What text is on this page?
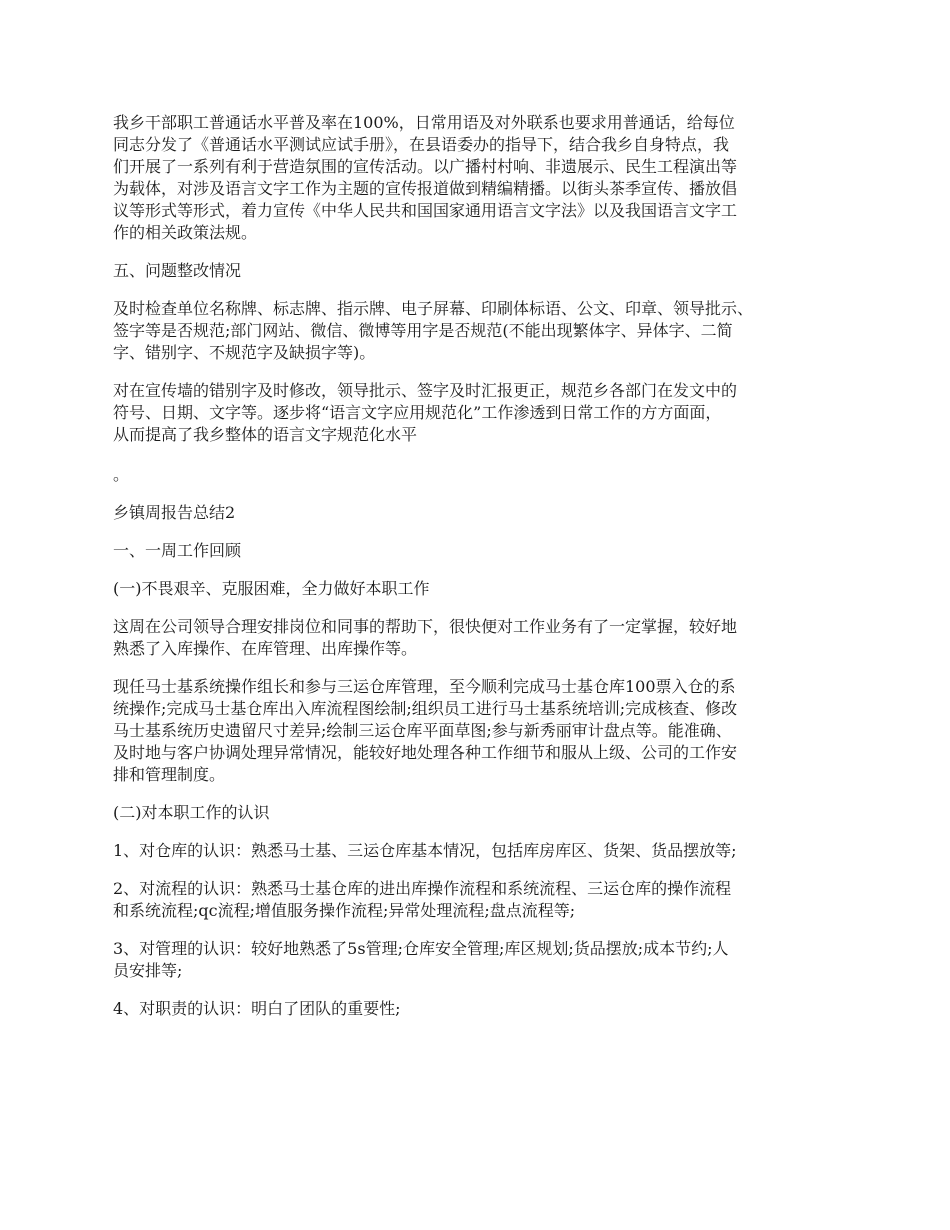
我乡干部职工普通话水平普及率在100%，日常用语及对外联系也要求用普通话，给每位
同志分发了《普通话水平测试应试手册》，在县语委办的指导下，结合我乡自身特点，我
们开展了一系列有利于营造氛围的宣传活动。以广播村村响、非遗展示、民生工程演出等
为载体，对涉及语言文字工作为主题的宣传报道做到精编精播。以街头茶季宣传、播放倡
议等形式等形式，着力宣传《中华人民共和国国家通用语言文字法》以及我国语言文字工
作的相关政策法规。

五、问题整改情况

及时检查单位名称牌、标志牌、指示牌、电子屏幕、印刷体标语、公文、印章、领导批示、
签字等是否规范;部门网站、微信、微博等用字是否规范(不能出现繁体字、异体字、二简
字、错别字、不规范字及缺损字等)。

对在宣传墙的错别字及时修改，领导批示、签字及时汇报更正，规范乡各部门在发文中的
符号、日期、文字等。逐步将“语言文字应用规范化”工作渗透到日常工作的方方面面，
从而提高了我乡整体的语言文字规范化水平

。

乡镇周报告总结2

一、一周工作回顾

(一)不畏艰辛、克服困难，全力做好本职工作

这周在公司领导合理安排岗位和同事的帮助下，很快便对工作业务有了一定掌握，较好地
熟悉了入库操作、在库管理、出库操作等。

现任马士基系统操作组长和参与三运仓库管理，至今顺利完成马士基仓库100票入仓的系
统操作;完成马士基仓库出入库流程图绘制;组织员工进行马士基系统培训;完成核查、修改
马士基系统历史遗留尺寸差异;绘制三运仓库平面草图;参与新秀丽审计盘点等。能准确、
及时地与客户协调处理异常情况，能较好地处理各种工作细节和服从上级、公司的工作安
排和管理制度。

(二)对本职工作的认识

1、对仓库的认识：熟悉马士基、三运仓库基本情况，包括库房库区、货架、货品摆放等;

2、对流程的认识：熟悉马士基仓库的进出库操作流程和系统流程、三运仓库的操作流程
和系统流程;qc流程;增值服务操作流程;异常处理流程;盘点流程等;

3、对管理的认识：较好地熟悉了5s管理;仓库安全管理;库区规划;货品摆放;成本节约;人
员安排等;

4、对职责的认识：明白了团队的重要性;
